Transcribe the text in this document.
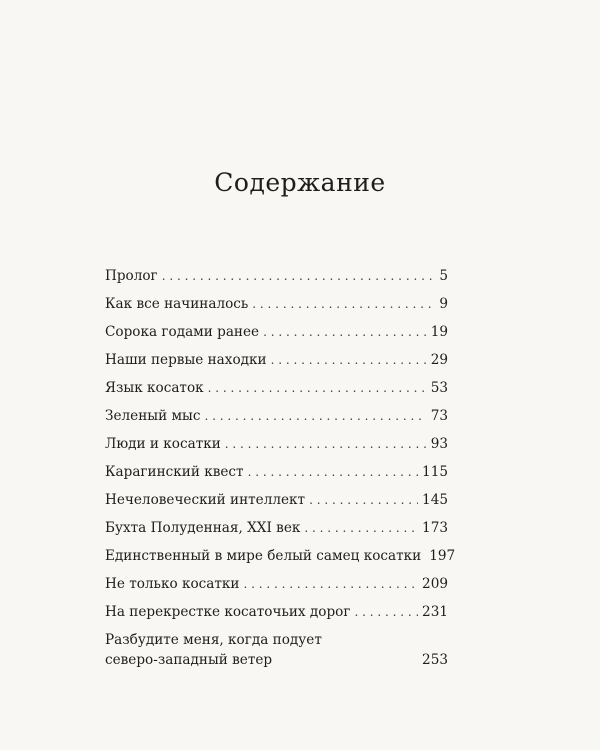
Содержание
Пролог . . .	5
Как все начиналось . . .	9
Сорока годами ранее . . .	19
Наши первые находки . . .	29
Язык косаток . . .	53
Зеленый мыс . . .	73
Люди и косатки . . .	93
Карагинский квест . . .	115
Нечеловеческий интеллект . . .	145
Бухта Полуденная, XXI век . . .	173
Единственный в мире белый самец косатки 197
Не только косатки . . .	209
На перекрестке косаточьих дорог . . .	231
Разбудите меня, когда подует
северо-западный ветер	253
